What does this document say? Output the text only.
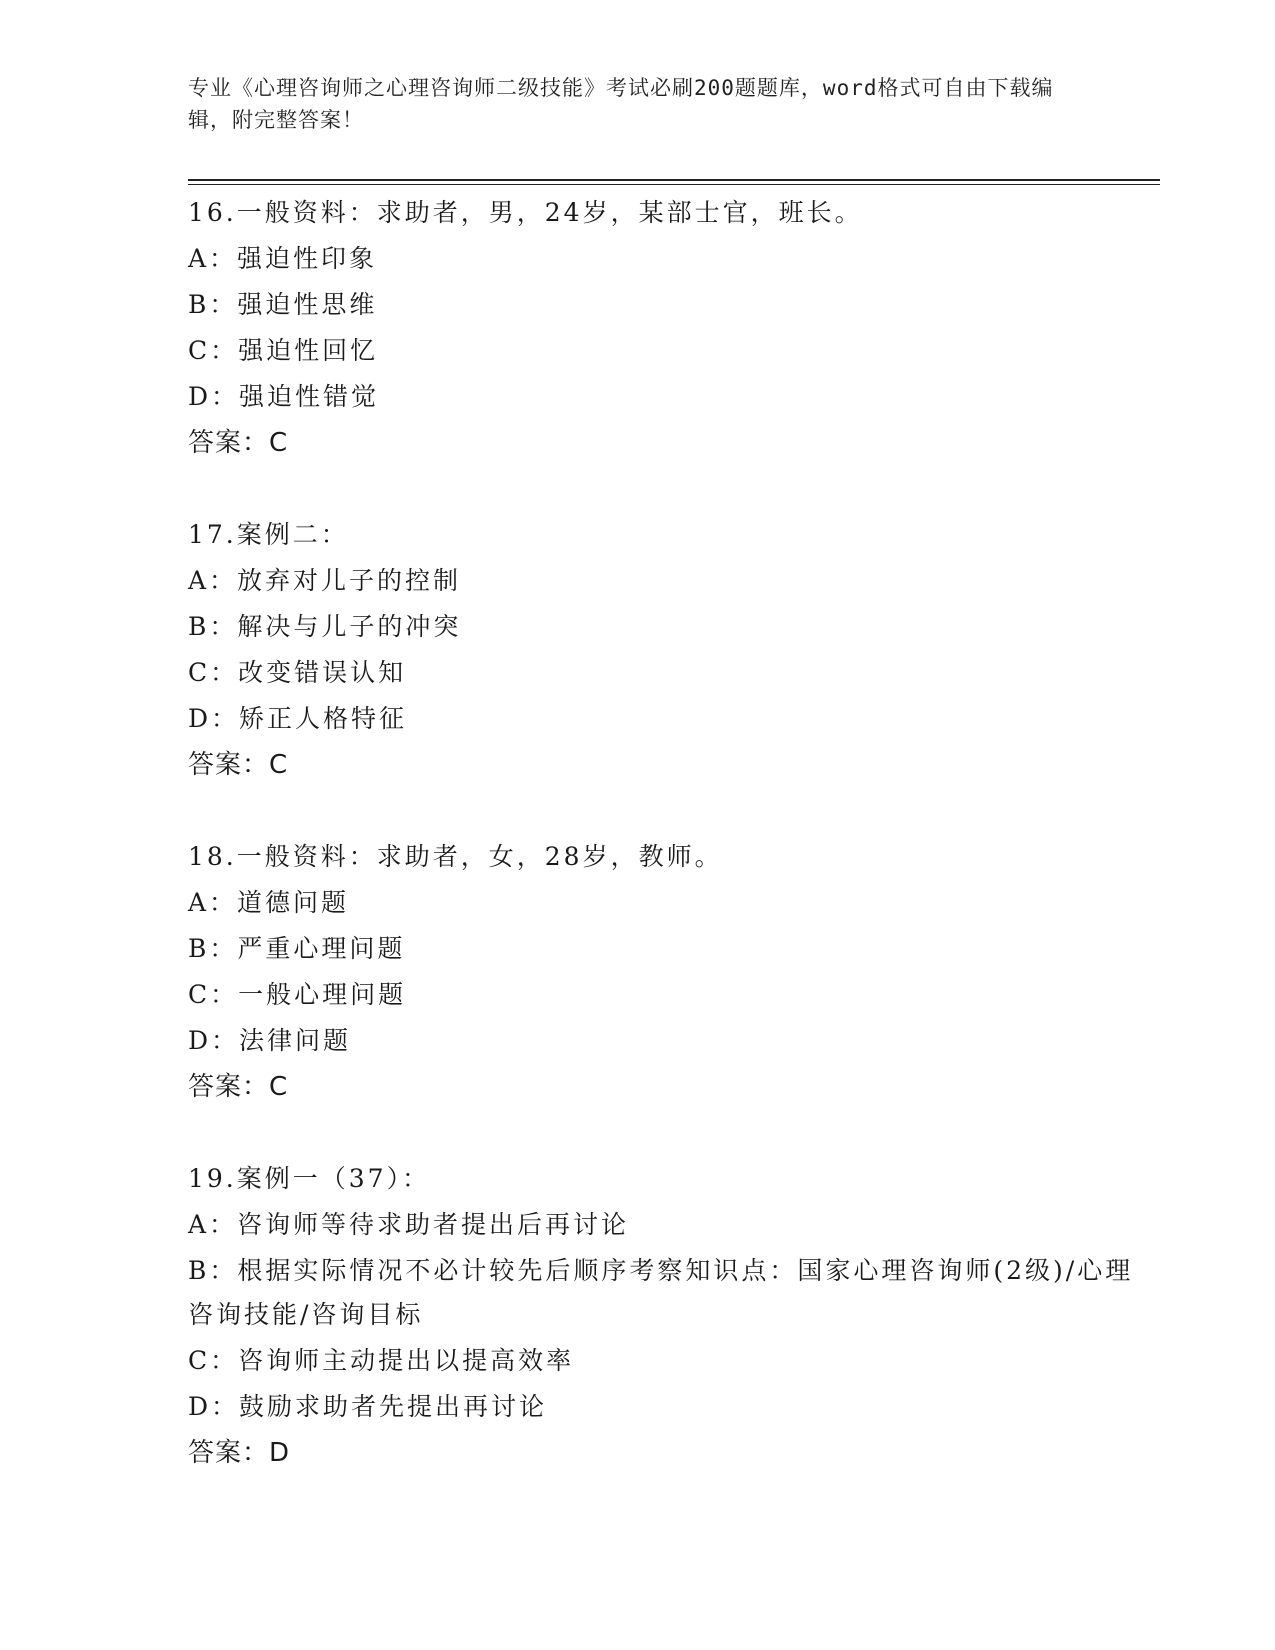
专业《心理咨询师之心理咨询师二级技能》考试必刷200题题库，word格式可自由下载编辑，附完整答案！
16.一般资料：求助者，男，24岁，某部士官，班长。
A：强迫性印象
B：强迫性思维
C：强迫性回忆
D：强迫性错觉
答案：C
17.案例二：
A：放弃对儿子的控制
B：解决与儿子的冲突
C：改变错误认知
D：矫正人格特征
答案：C
18.一般资料：求助者，女，28岁，教师。
A：道德问题
B：严重心理问题
C：一般心理问题
D：法律问题
答案：C
19.案例一（37）：
A：咨询师等待求助者提出后再讨论
B：根据实际情况不必计较先后顺序考察知识点：国家心理咨询师(2级)/心理咨询技能/咨询目标
C：咨询师主动提出以提高效率
D：鼓励求助者先提出再讨论
答案：D
